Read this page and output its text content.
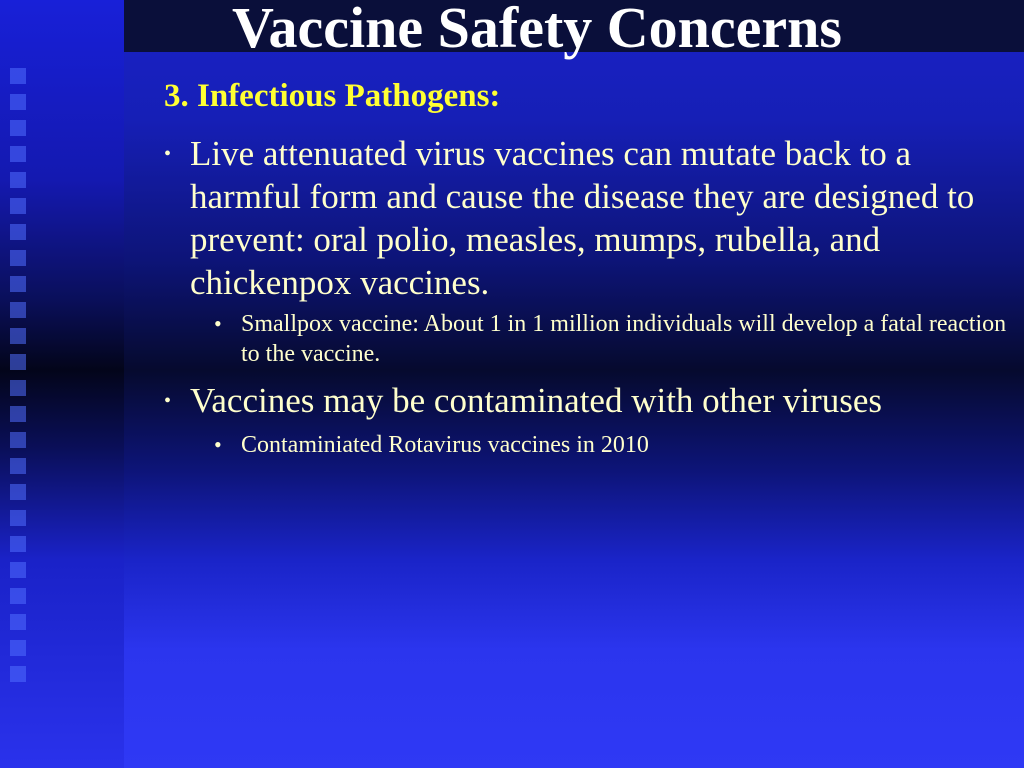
Vaccine Safety Concerns

3. Infectious Pathogens:

• Live attenuated virus vaccines can mutate back to a harmful form and cause the disease they are designed to prevent: oral polio, measles, mumps, rubella, and chickenpox vaccines.
• Smallpox vaccine: About 1 in 1 million individuals will develop a fatal reaction to the vaccine.
• Vaccines may be contaminated with other viruses
• Contaminiated Rotavirus vaccines in 2010
